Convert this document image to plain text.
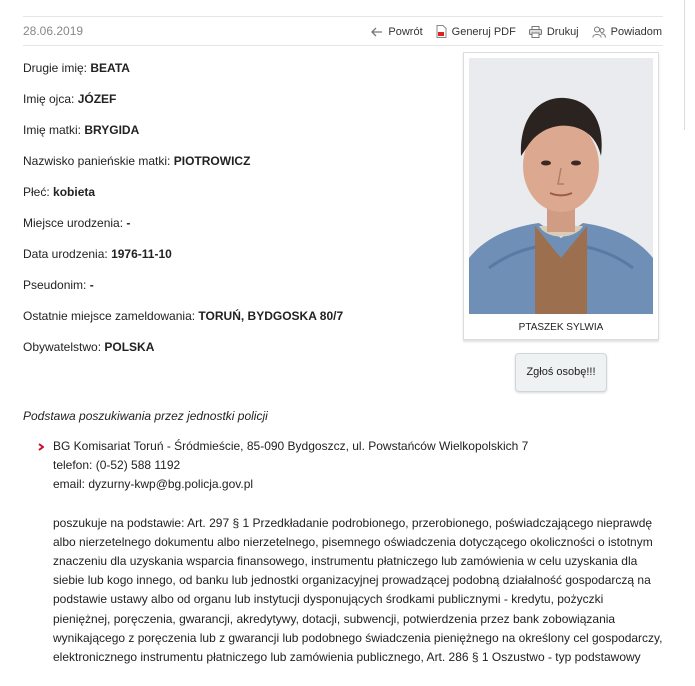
28.06.2019	Powrót	Generuj PDF	Drukuj	Powiadom
Drugie imię: BEATA
Imię ojca: JÓZEF
Imię matki: BRYGIDA
Nazwisko panieńskie matki: PIOTROWICZ
Płeć: kobieta
Miejsce urodzenia: -
Data urodzenia: 1976-11-10
Pseudonim: -
Ostatnie miejsce zameldowania: TORUŃ, BYDGOSKA 80/7
Obywatelstwo: POLSKA
PTASZEK SYLWIA
Zgłoś osobę!!!
Podstawa poszukiwania przez jednostki policji

BG Komisariat Toruń - Śródmieście, 85-090 Bydgoszcz, ul. Powstańców Wielkopolskich 7

telefon: (0-52) 588 1192

email: dyzurny-kwp@bg.policja.gov.pl

poszukuje na podstawie: Art. 297 § 1 Przedkładanie podrobionego, przerobionego, poświadczającego nieprawdę albo nierzetelnego dokumentu albo nierzetelnego, pisemnego oświadczenia dotyczącego okoliczności o istotnym znaczeniu dla uzyskania wsparcia finansowego, instrumentu płatniczego lub zamówienia w celu uzyskania dla siebie lub kogo innego, od banku lub jednostki organizacyjnej prowadzącej podobną działalność gospodarczą na podstawie ustawy albo od organu lub instytucji dysponujących środkami publicznymi - kredytu, pożyczki pieniężnej, poręczenia, gwarancji, akredytywy, dotacji, subwencji, potwierdzenia przez bank zobowiązania wynikającego z poręczenia lub z gwarancji lub podobnego świadczenia pieniężnego na określony cel gospodarczy, elektronicznego instrumentu płatniczego lub zamówienia publicznego, Art. 286 § 1 Oszustwo - typ podstawowy
